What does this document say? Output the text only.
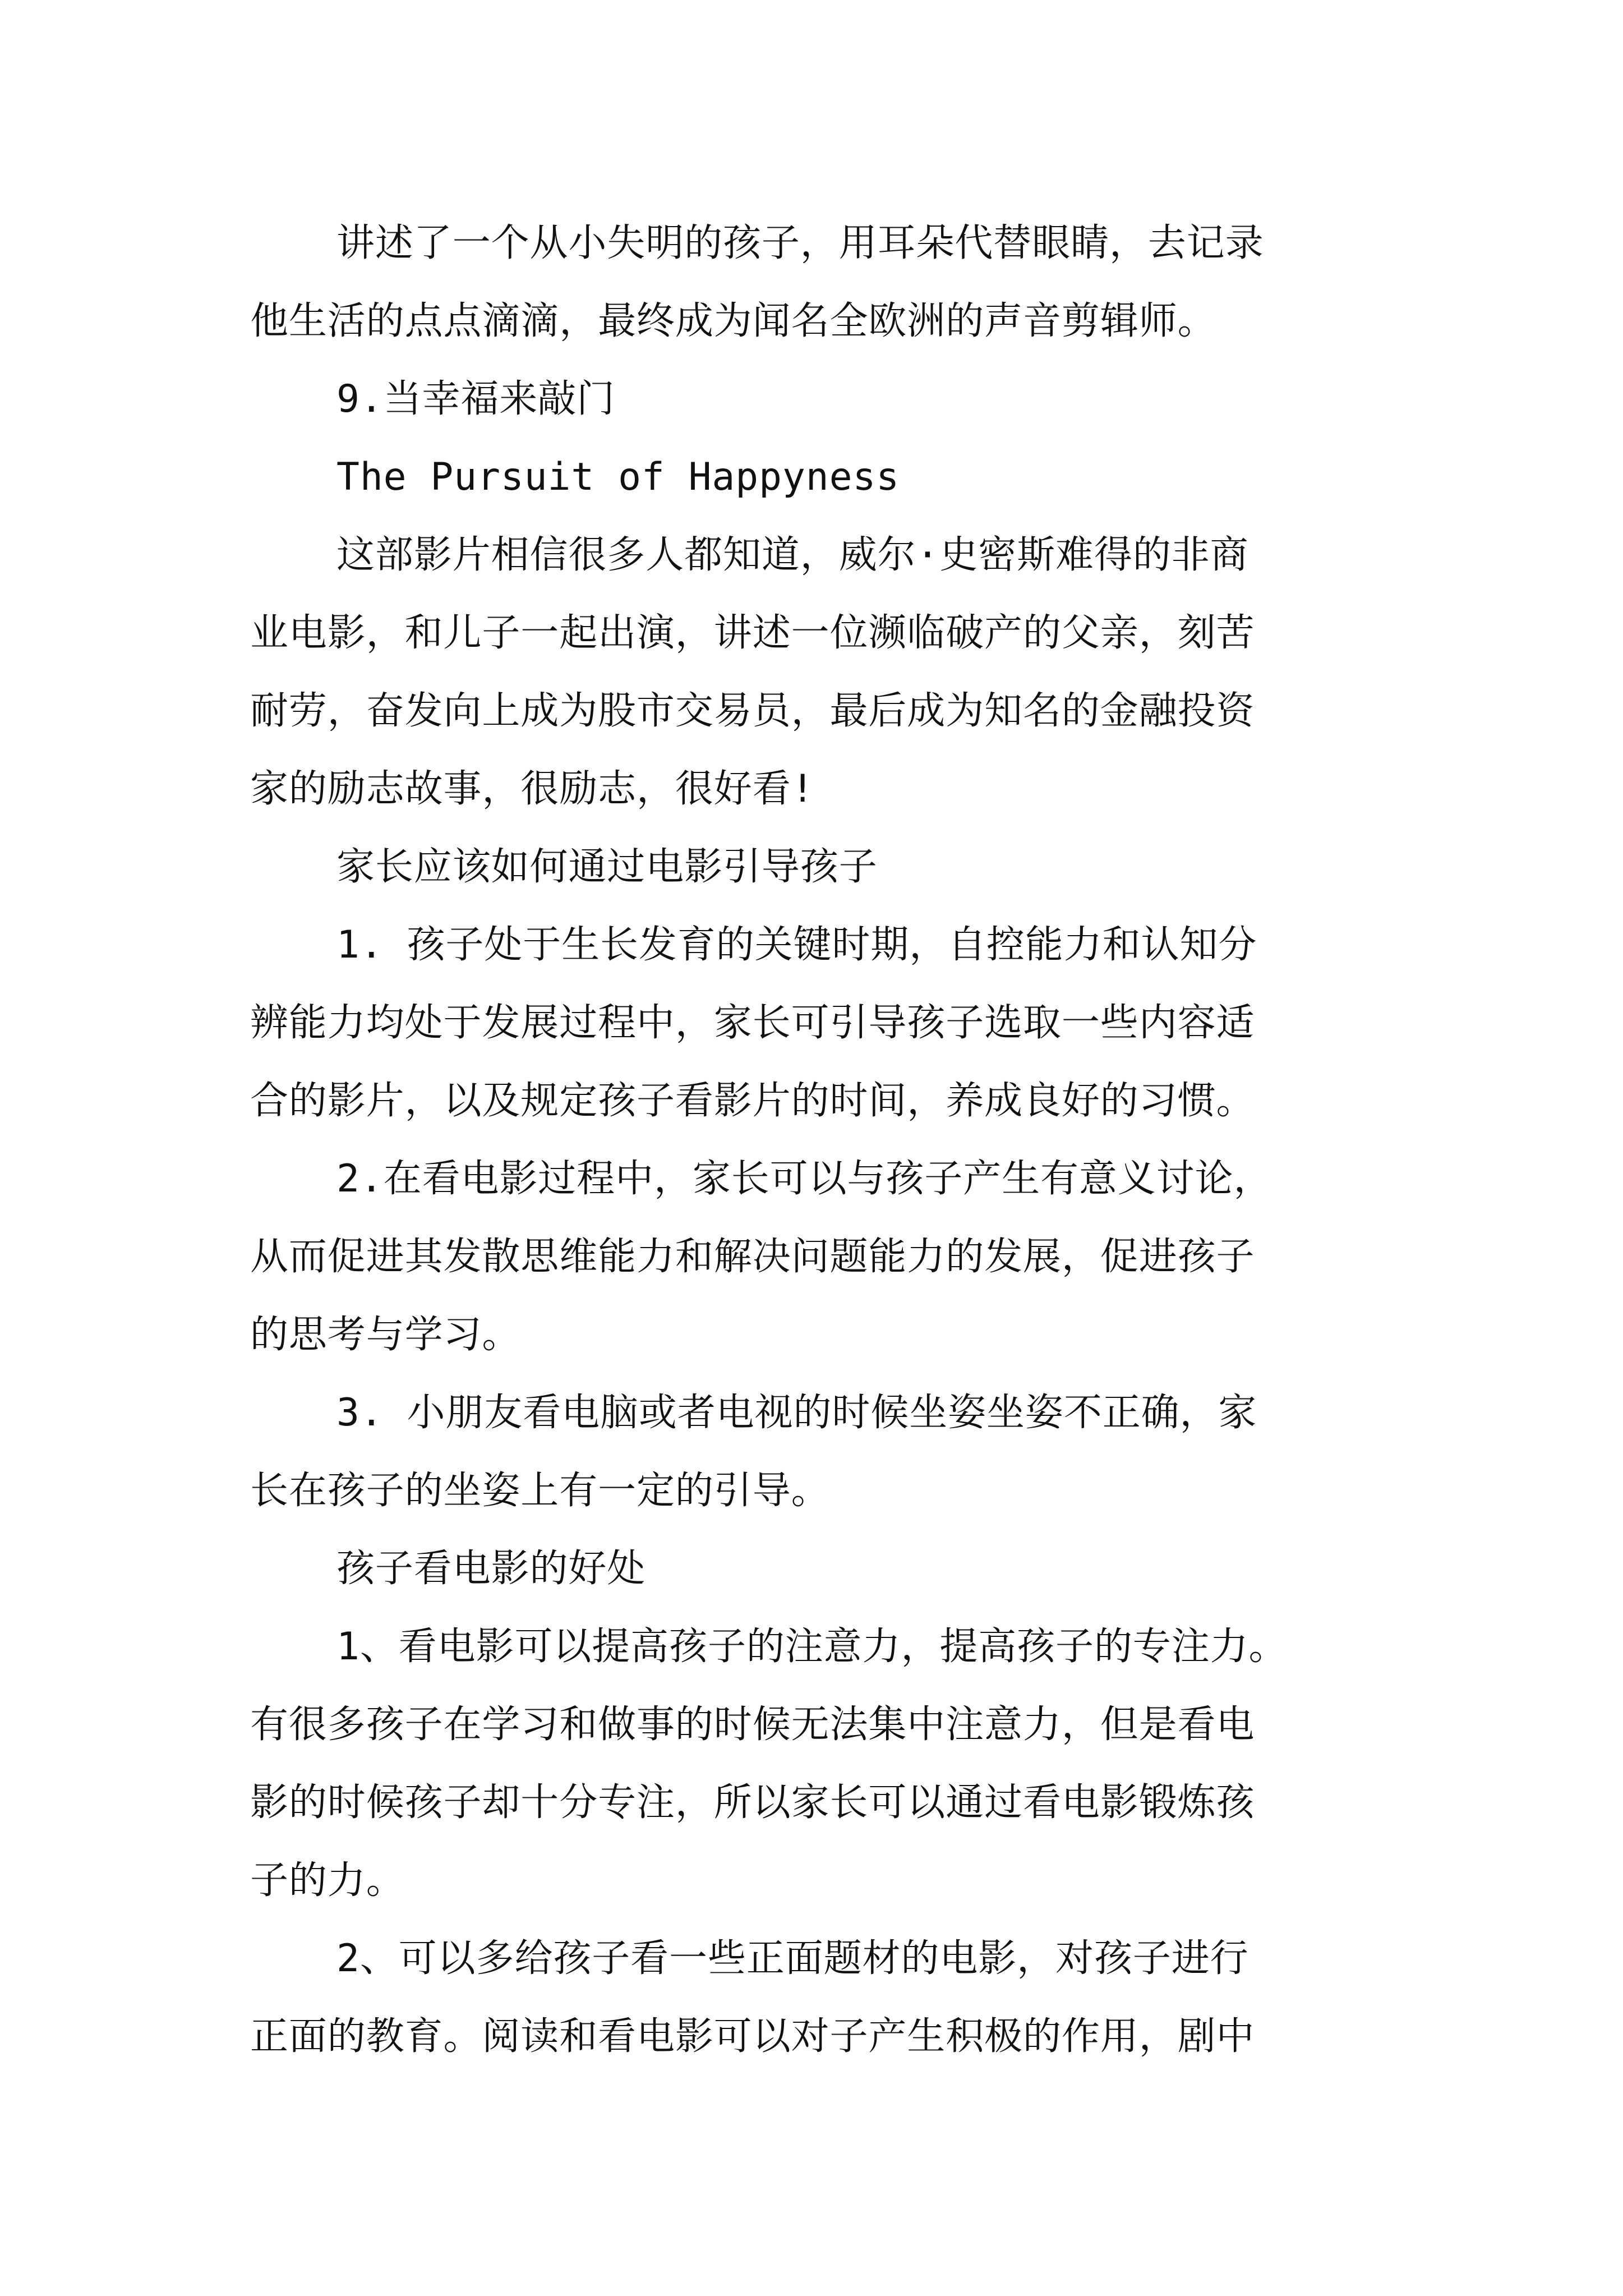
讲述了一个从小失明的孩子，用耳朵代替眼睛，去记录

他生活的点点滴滴，最终成为闻名全欧洲的声音剪辑师。

9.当幸福来敲门

The Pursuit of Happyness

这部影片相信很多人都知道，威尔·史密斯难得的非商

业电影，和儿子一起出演，讲述一位濒临破产的父亲，刻苦

耐劳，奋发向上成为股市交易员，最后成为知名的金融投资

家的励志故事，很励志，很好看!

家长应该如何通过电影引导孩子

1. 孩子处于生长发育的关键时期，自控能力和认知分

辨能力均处于发展过程中，家长可引导孩子选取一些内容适

合的影片，以及规定孩子看影片的时间，养成良好的习惯。

2.在看电影过程中，家长可以与孩子产生有意义讨论，

从而促进其发散思维能力和解决问题能力的发展，促进孩子

的思考与学习。

3. 小朋友看电脑或者电视的时候坐姿坐姿不正确，家

长在孩子的坐姿上有一定的引导。

孩子看电影的好处

1、看电影可以提高孩子的注意力，提高孩子的专注力。

有很多孩子在学习和做事的时候无法集中注意力，但是看电

影的时候孩子却十分专注，所以家长可以通过看电影锻炼孩

子的力。

2、可以多给孩子看一些正面题材的电影，对孩子进行

正面的教育。阅读和看电影可以对子产生积极的作用，剧中
